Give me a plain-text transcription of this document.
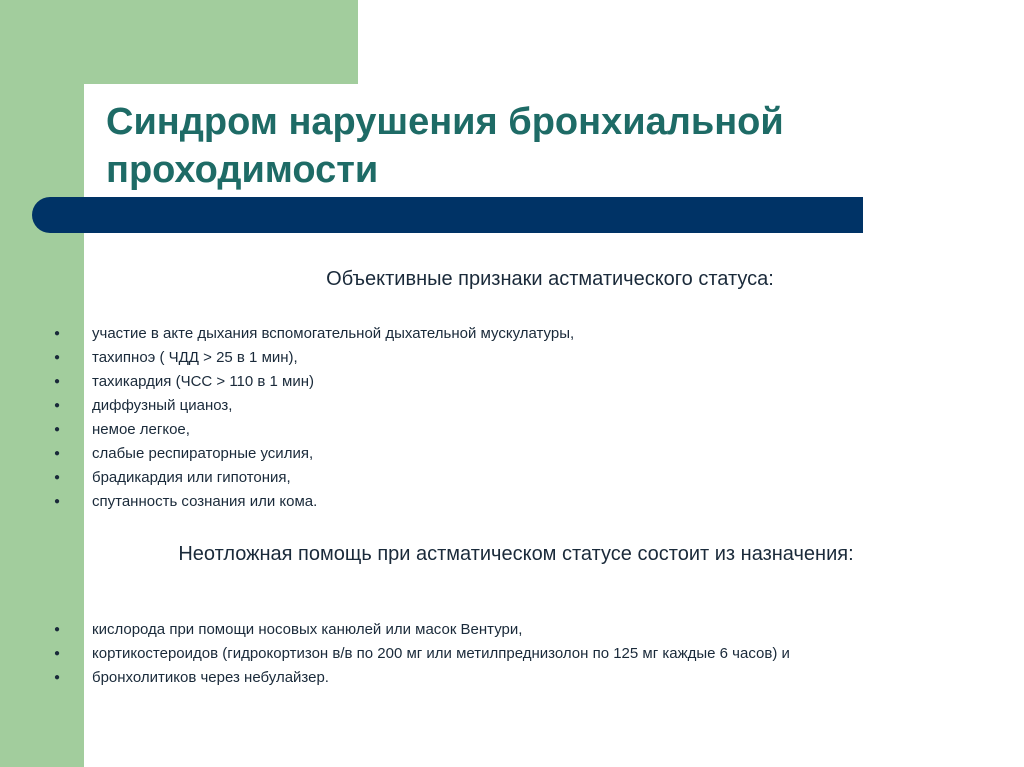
Синдром нарушения бронхиальной проходимости
Объективные признаки астматического статуса:
●	участие в акте дыхания вспомогательной дыхательной мускулатуры,
●	тахипноэ ( ЧДД > 25 в 1 мин),
●	тахикардия (ЧСС > 110 в 1 мин)
●	диффузный цианоз,
●	немое легкое,
●	слабые респираторные усилия,
●	брадикардия или гипотония,
●	спутанность сознания или кома.
Неотложная помощь при астматическом статусе состоит из назначения:
●	кислорода при помощи носовых канюлей или масок Вентури,
●	кортикостероидов (гидрокортизон в/в по 200 мг или метилпреднизолон по 125 мг каждые 6 часов) и
●	бронхолитиков через небулайзер.
